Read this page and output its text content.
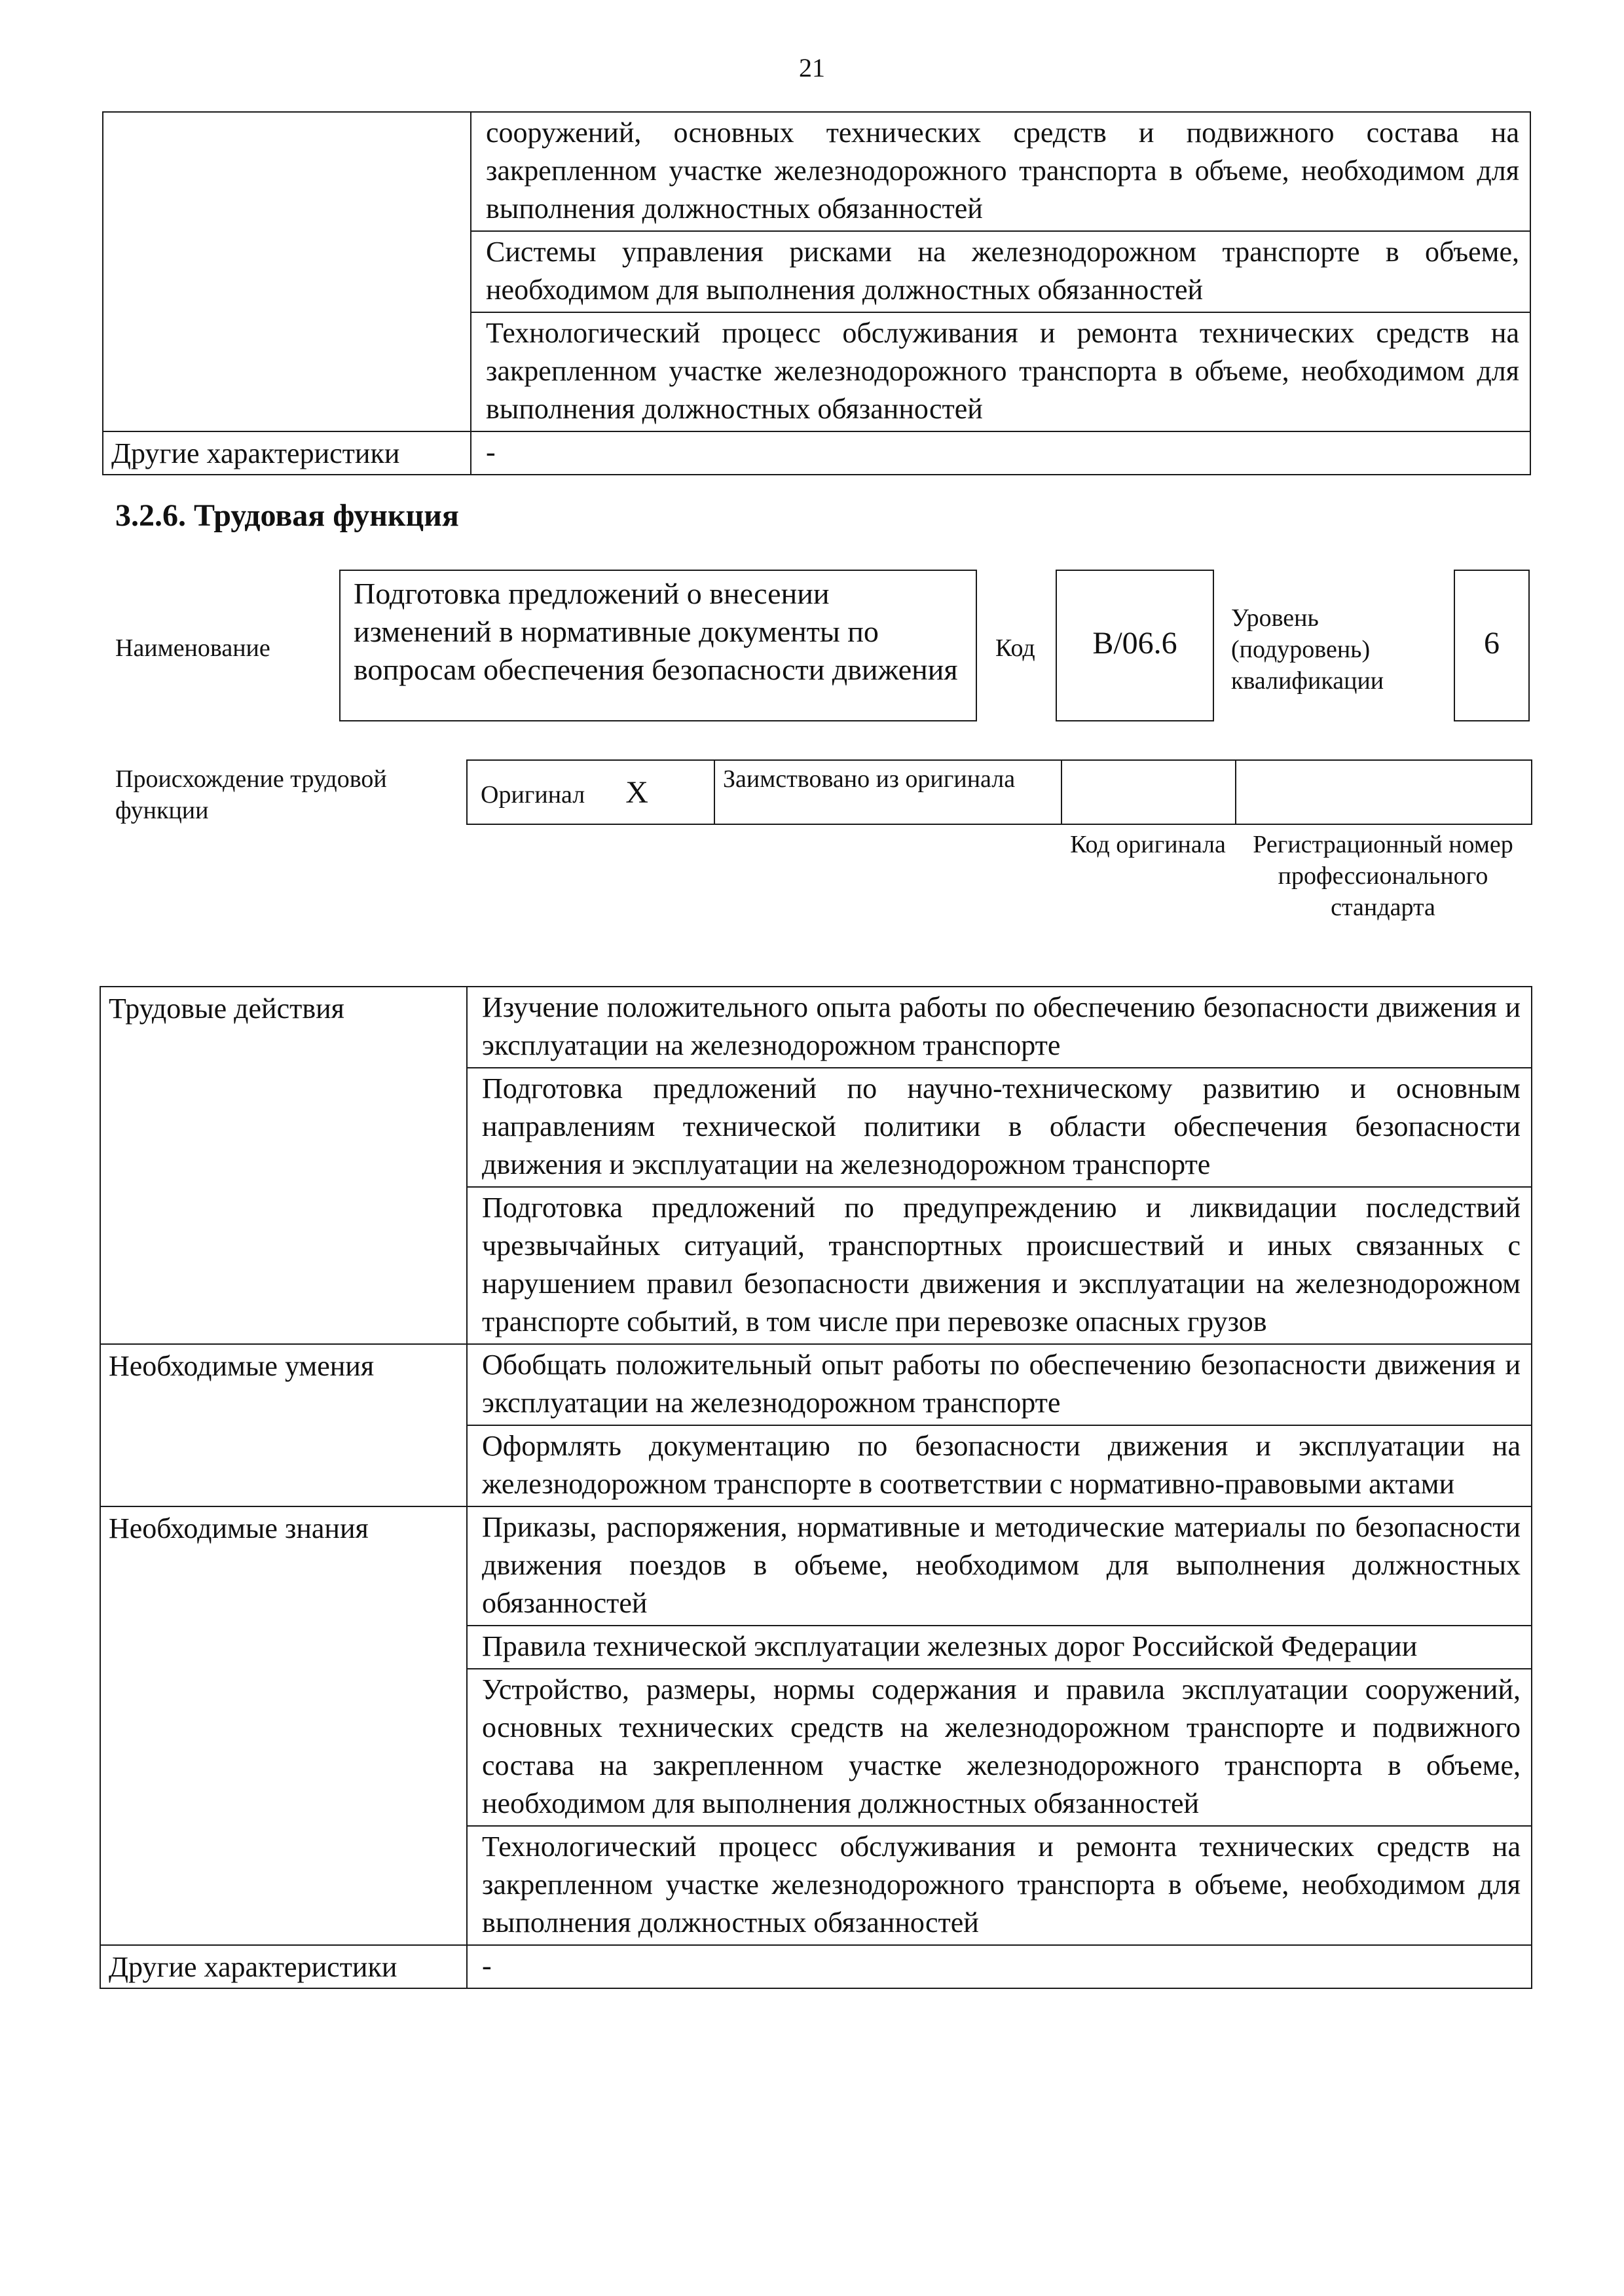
21
	сооружений, основных технических средств и подвижного состава на закрепленном участке железнодорожного транспорта в объеме, необходимом для выполнения должностных обязанностей
	Системы управления рисками на железнодорожном транспорте в объеме, необходимом для выполнения должностных обязанностей
	Технологический процесс обслуживания и ремонта технических средств на закрепленном участке железнодорожного транспорта в объеме, необходимом для выполнения должностных обязанностей
Другие характеристики	-
3.2.6. Трудовая функция
Наименование
Подготовка предложений о внесении изменений в нормативные документы по вопросам обеспечения безопасности движения
Код	B/06.6
Уровень (подуровень) квалификации
6
Происхождение трудовой функции
Оригинал X	Заимствовано из оригинала		
Код оригинала	Регистрационный номер профессионального стандарта
Трудовые действия	Изучение положительного опыта работы по обеспечению безопасности движения и эксплуатации на железнодорожном транспорте
	Подготовка предложений по научно-техническому развитию и основным направлениям технической политики в области обеспечения безопасности движения и эксплуатации на железнодорожном транспорте
	Подготовка предложений по предупреждению и ликвидации последствий чрезвычайных ситуаций, транспортных происшествий и иных связанных с нарушением правил безопасности движения и эксплуатации на железнодорожном транспорте событий, в том числе при перевозке опасных грузов
Необходимые умения	Обобщать положительный опыт работы по обеспечению безопасности движения и эксплуатации на железнодорожном транспорте
	Оформлять документацию по безопасности движения и эксплуатации на железнодорожном транспорте в соответствии с нормативно-правовыми актами
Необходимые знания	Приказы, распоряжения, нормативные и методические материалы по безопасности движения поездов в объеме, необходимом для выполнения должностных обязанностей
	Правила технической эксплуатации железных дорог Российской Федерации
	Устройство, размеры, нормы содержания и правила эксплуатации сооружений, основных технических средств на железнодорожном транспорте и подвижного состава на закрепленном участке железнодорожного транспорта в объеме, необходимом для выполнения должностных обязанностей
	Технологический процесс обслуживания и ремонта технических средств на закрепленном участке железнодорожного транспорта в объеме, необходимом для выполнения должностных обязанностей
Другие характеристики	-
